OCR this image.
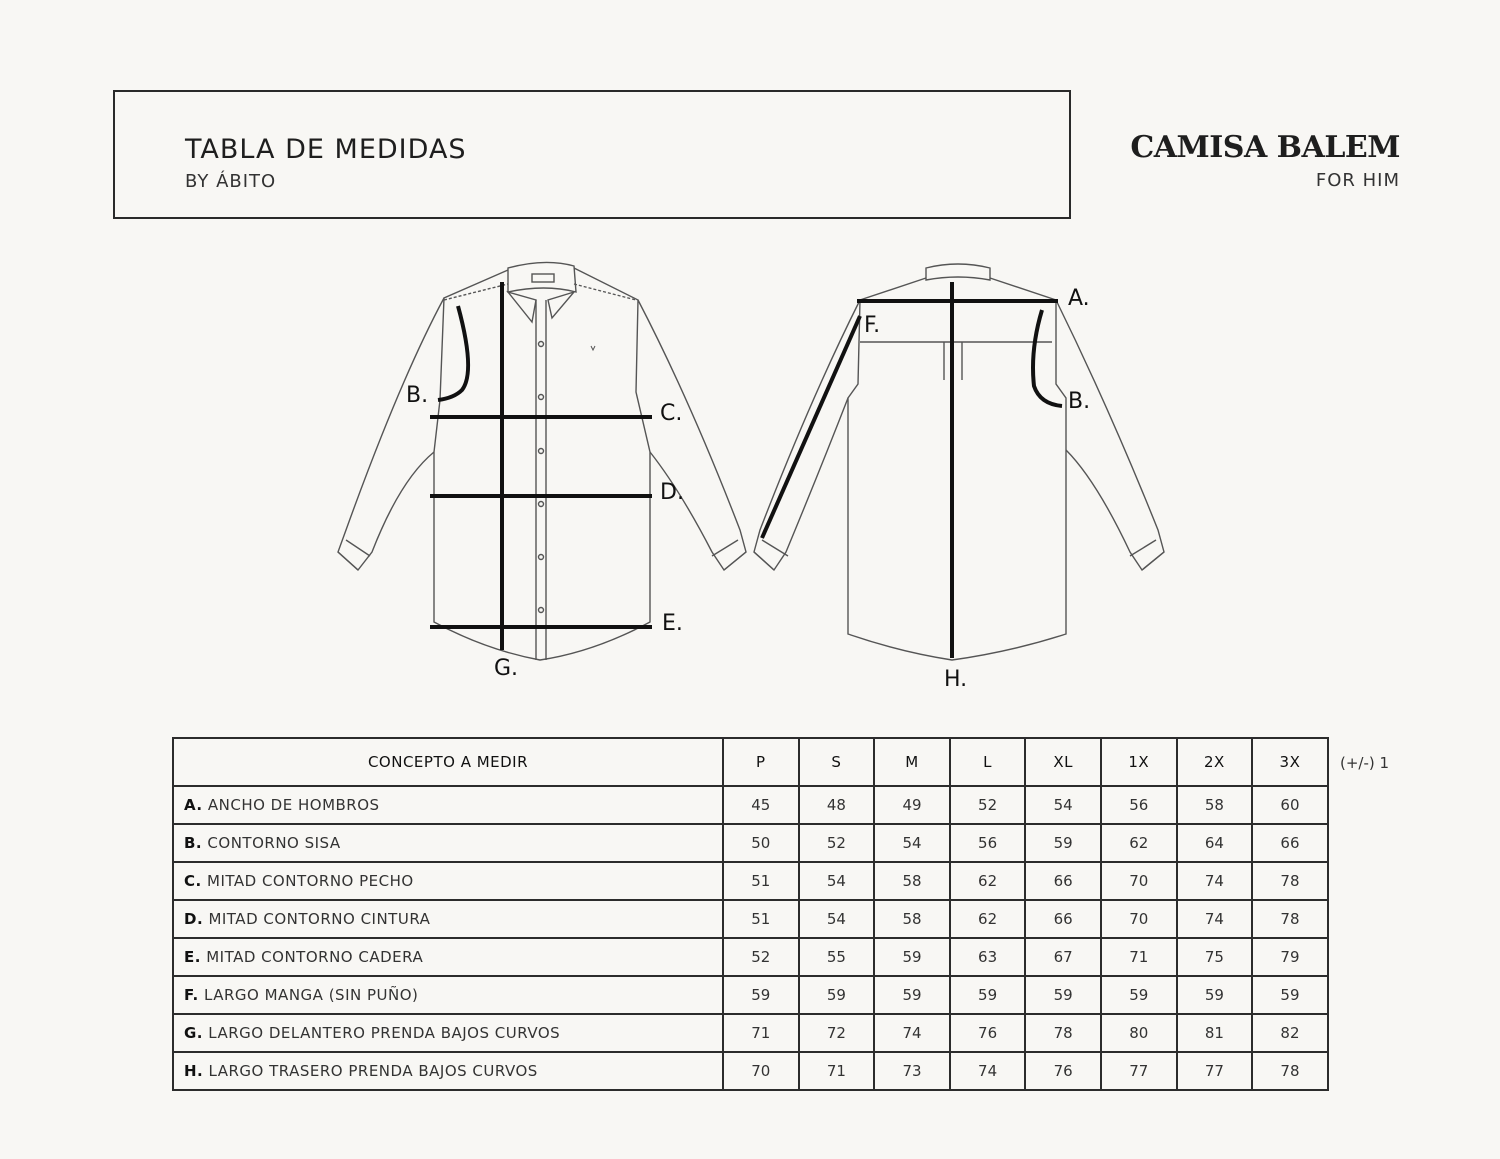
TABLA DE MEDIDAS
BY ÁBITO
CAMISA BALEM
FOR HIM
B.
C.
D.
E.
G.
A.
F.
B.
H.
CONCEPTO A MEDIR	P	S	M	L	XL	1X	2X	3X
A. ANCHO DE HOMBROS	45	48	49	52	54	56	58	60
B. CONTORNO SISA	50	52	54	56	59	62	64	66
C. MITAD CONTORNO PECHO	51	54	58	62	66	70	74	78
D. MITAD CONTORNO CINTURA	51	54	58	62	66	70	74	78
E. MITAD CONTORNO CADERA	52	55	59	63	67	71	75	79
F. LARGO MANGA (SIN PUÑO)	59	59	59	59	59	59	59	59
G. LARGO DELANTERO PRENDA BAJOS CURVOS	71	72	74	76	78	80	81	82
H. LARGO TRASERO PRENDA BAJOS CURVOS	70	71	73	74	76	77	77	78
(+/-) 1
